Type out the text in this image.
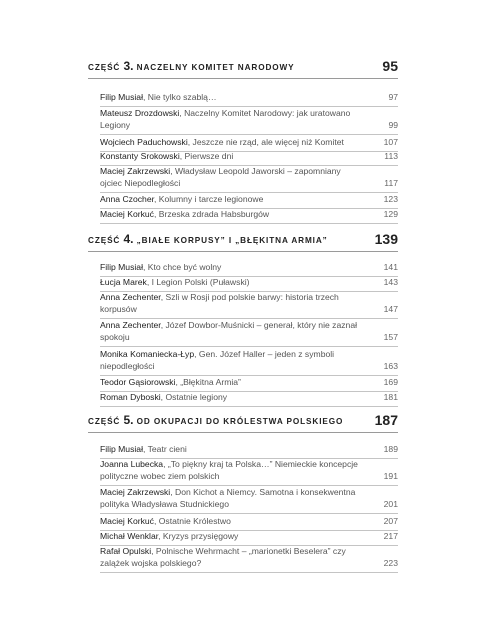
CZĘŚĆ 3. NACZELNY KOMITET NARODOWY	95
Filip Musiał, Nie tylko szablą…	97
Mateusz Drozdowski, Naczelny Komitet Narodowy: jak uratowano Legiony	99
Wojciech Paduchowski, Jeszcze nie rząd, ale więcej niż Komitet	107
Konstanty Srokowski, Pierwsze dni	113
Maciej Zakrzewski, Władysław Leopold Jaworski – zapomniany ojciec Niepodległości	117
Anna Czocher, Kolumny i tarcze legionowe	123
Maciej Korkuć, Brzeska zdrada Habsburgów	129
CZĘŚĆ 4. „BIAŁE KORPUSY” I „BŁĘKITNA ARMIA”	139
Filip Musiał, Kto chce być wolny	141
Łucja Marek, I Legion Polski (Puławski)	143
Anna Zechenter, Szli w Rosji pod polskie barwy: historia trzech korpusów	147
Anna Zechenter, Józef Dowbor-Muśnicki – generał, który nie zaznał spokoju	157
Monika Komaniecka-Łyp, Gen. Józef Haller – jeden z symboli niepodległości	163
Teodor Gąsiorowski, „Błękitna Armia”	169
Roman Dyboski, Ostatnie legiony	181
CZĘŚĆ 5. OD OKUPACJI DO KRÓLESTWA POLSKIEGO 187
Filip Musiał, Teatr cieni	189
Joanna Lubecka, „To piękny kraj ta Polska…” Niemieckie koncepcje polityczne wobec ziem polskich	191
Maciej Zakrzewski, Don Kichot a Niemcy. Samotna i konsekwentna polityka Władysława Studnickiego	201
Maciej Korkuć, Ostatnie Królestwo	207
Michał Wenklar, Kryzys przysięgowy	217
Rafał Opulski, Polnische Wehrmacht – „marionetki Beselera” czy zalążek wojska polskiego?	223
